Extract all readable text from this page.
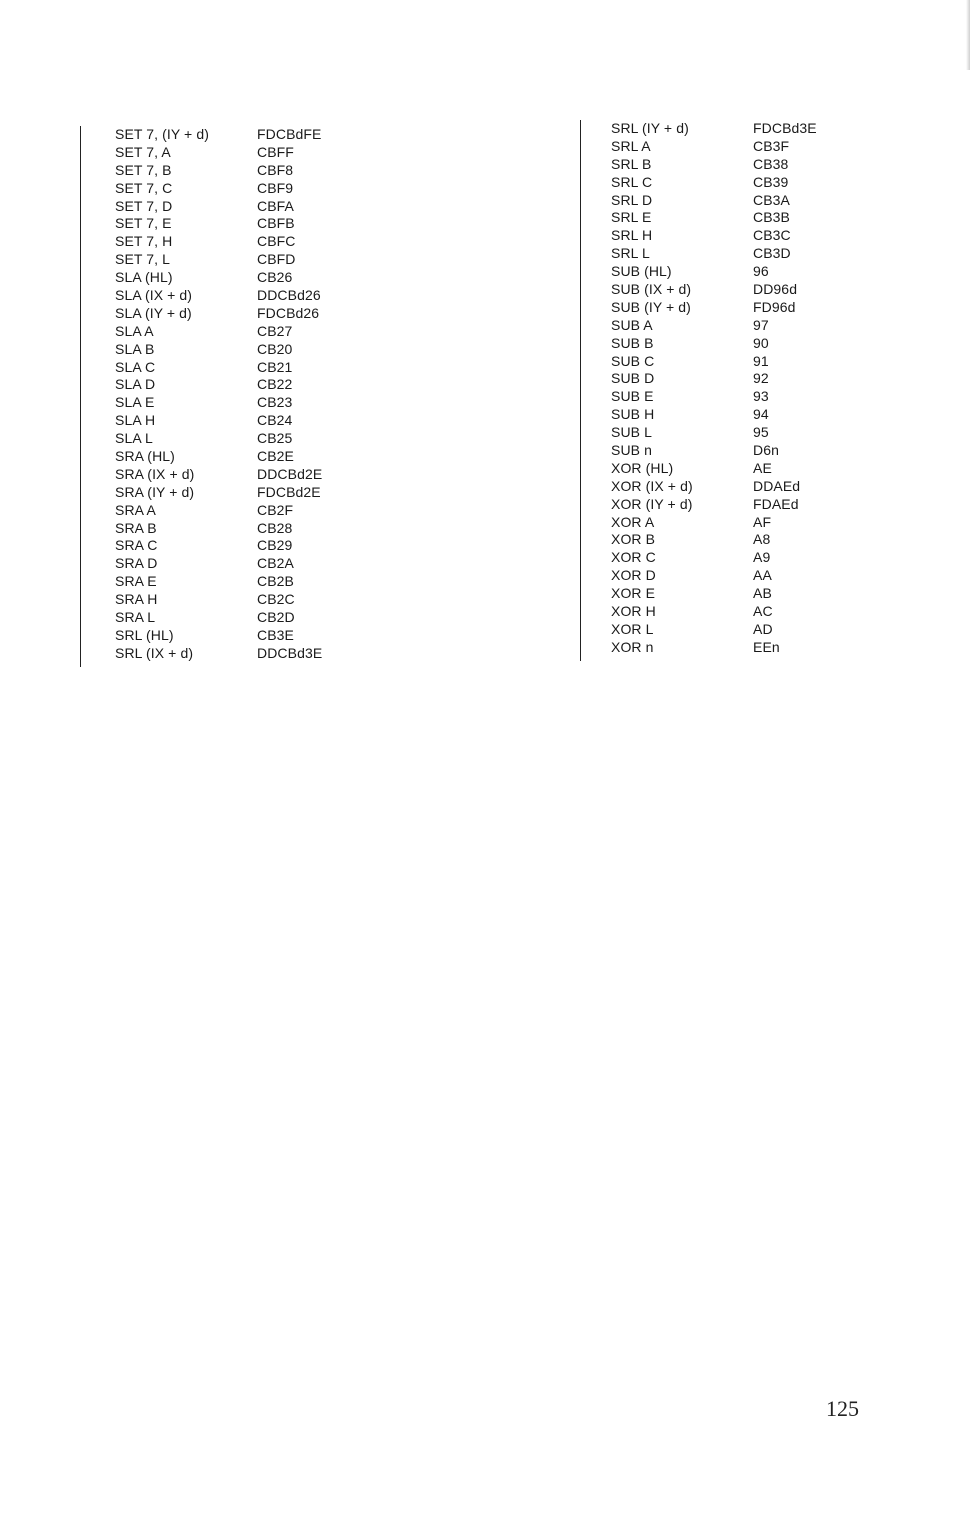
SET 7, (IY + d)	FDCBdFE
SET 7, A	CBFF
SET 7, B	CBF8
SET 7, C	CBF9
SET 7, D	CBFA
SET 7, E	CBFB
SET 7, H	CBFC
SET 7, L	CBFD
SLA (HL)	CB26
SLA (IX + d)	DDCBd26
SLA (IY + d)	FDCBd26
SLA A	CB27
SLA B	CB20
SLA C	CB21
SLA D	CB22
SLA E	CB23
SLA H	CB24
SLA L	CB25
SRA (HL)	CB2E
SRA (IX + d)	DDCBd2E
SRA (IY + d)	FDCBd2E
SRA A	CB2F
SRA B	CB28
SRA C	CB29
SRA D	CB2A
SRA E	CB2B
SRA H	CB2C
SRA L	CB2D
SRL (HL)	CB3E
SRL (IX + d)	DDCBd3E
SRL (IY + d)	FDCBd3E
SRL A	CB3F
SRL B	CB38
SRL C	CB39
SRL D	CB3A
SRL E	CB3B
SRL H	CB3C
SRL L	CB3D
SUB (HL)	96
SUB (IX + d)	DD96d
SUB (IY + d)	FD96d
SUB A	97
SUB B	90
SUB C	91
SUB D	92
SUB E	93
SUB H	94
SUB L	95
SUB n	D6n
XOR (HL)	AE
XOR (IX + d)	DDAEd
XOR (IY + d)	FDAEd
XOR A	AF
XOR B	A8
XOR C	A9
XOR D	AA
XOR E	AB
XOR H	AC
XOR L	AD
XOR n	EEn
125
